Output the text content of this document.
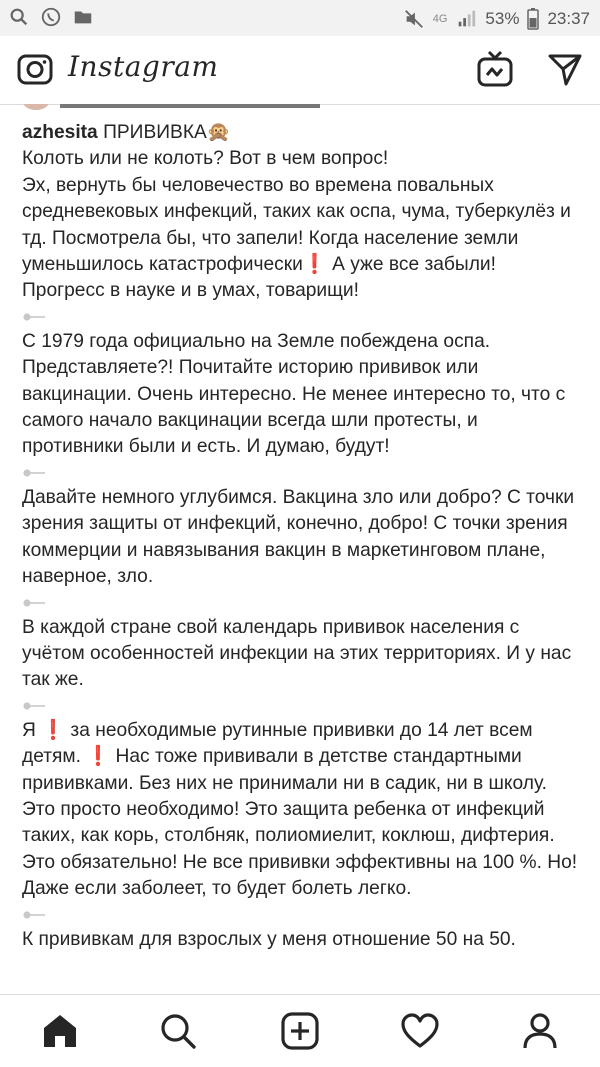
4G 53% 23:37
Instagram

azhesita ПРИВИВКА🙊

Колоть или не колоть? Вот в чем вопрос!
Эх, вернуть бы человечество во времена повальных средневековых инфекций, таких как оспа, чума, туберкулёз и тд. Посмотрела бы, что запели! Когда население земли уменьшилось катастрофически❗ А уже все забыли! Прогресс в науке и в умах, товарищи!

С 1979 года официально на Земле побеждена оспа. Представляете?! Почитайте историю прививок или вакцинации. Очень интересно. Не менее интересно то, что с самого начало вакцинации всегда шли протесты, и противники были и есть. И думаю, будут!

Давайте немного углубимся. Вакцина зло или добро? С точки зрения защиты от инфекций, конечно, добро! С точки зрения коммерции и навязывания вакцин в маркетинговом плане, наверное, зло.

В каждой стране свой календарь прививок населения с учётом особенностей инфекции на этих территориях. И у нас так же.

Я ❗ за необходимые рутинные прививки до 14 лет всем детям. ❗ Нас тоже прививали в детстве стандартными прививками. Без них не принимали ни в садик, ни в школу. Это просто необходимо! Это защита ребенка от инфекций таких, как корь, столбняк, полиомиелит, коклюш, дифтерия. Это обязательно! Не все прививки эффективны на 100 %. Но! Даже если заболеет, то будет болеть легко.

К прививкам для взрослых у меня отношение 50 на 50.
